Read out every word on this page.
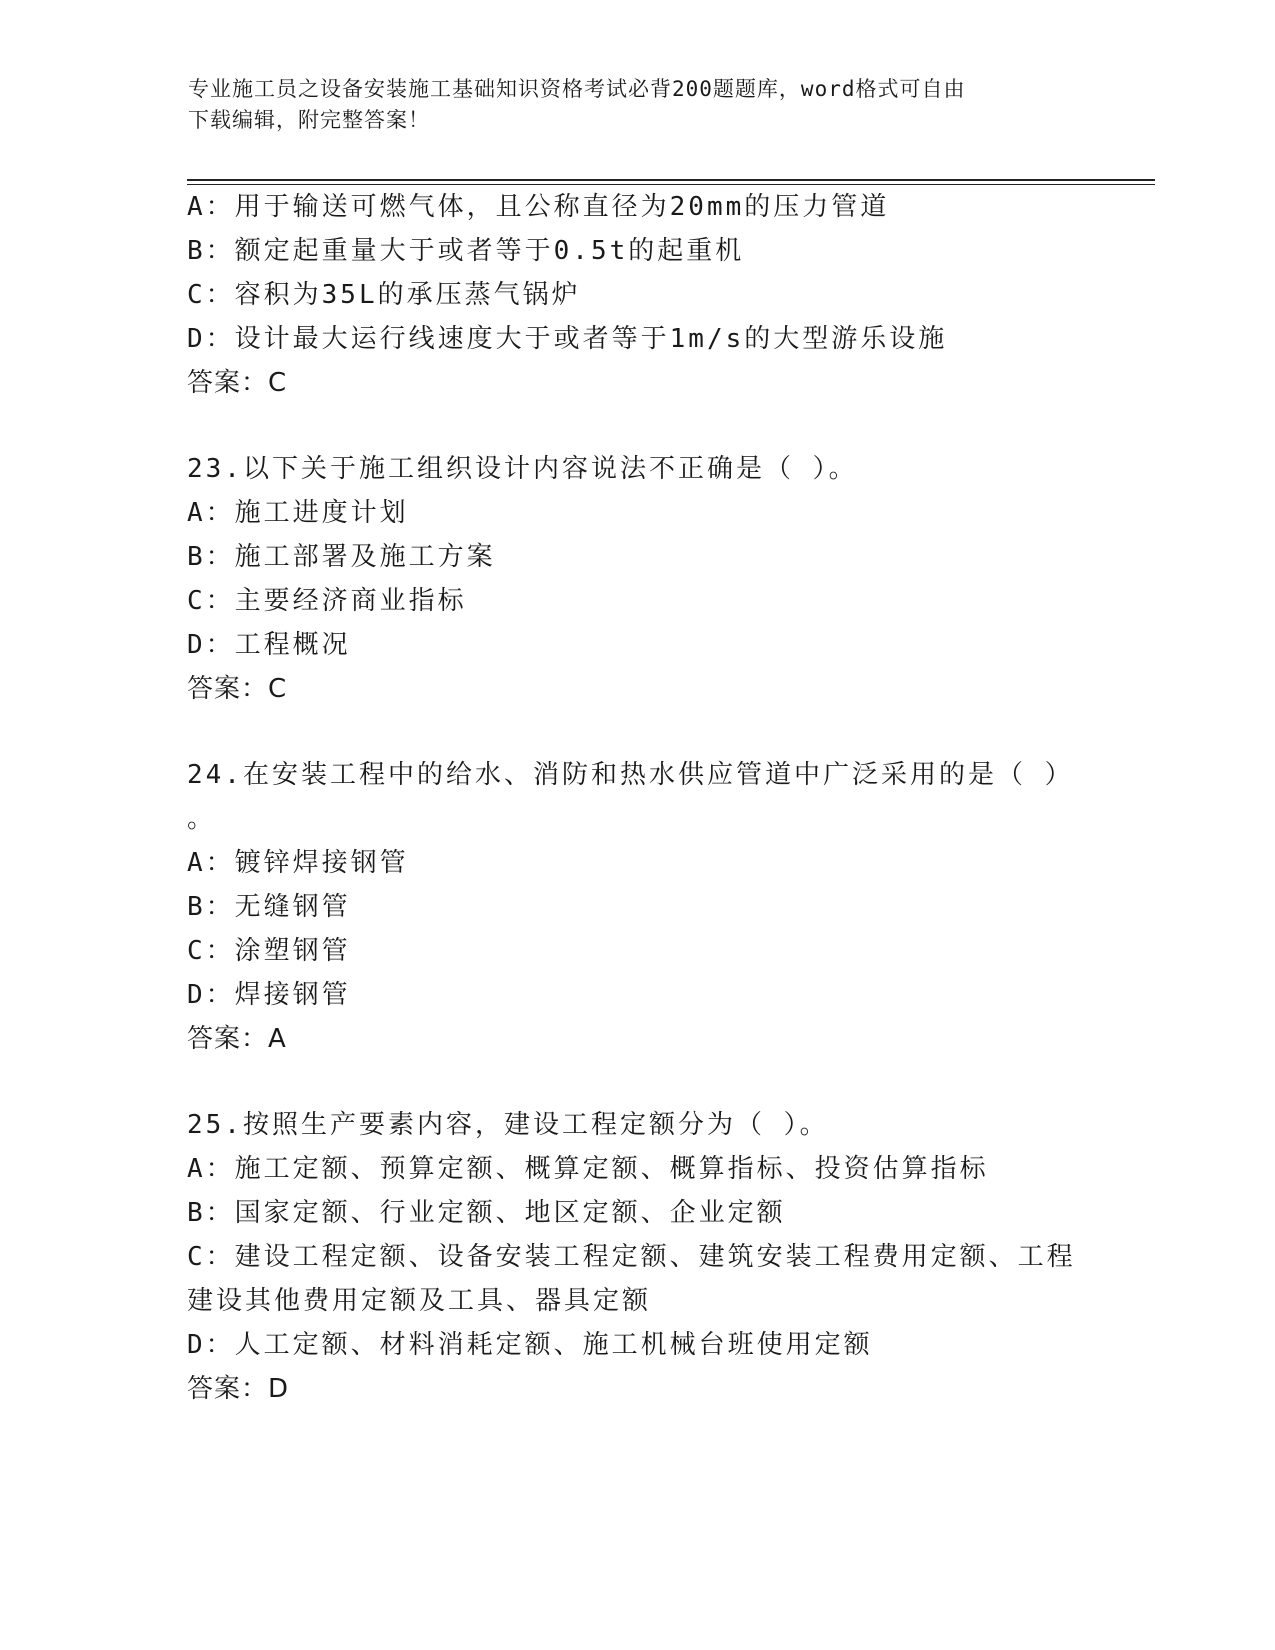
专业施工员之设备安装施工基础知识资格考试必背200题题库，word格式可自由
下载编辑，附完整答案！
A：用于输送可燃气体，且公称直径为20mm的压力管道
B：额定起重量大于或者等于0.5t的起重机
C：容积为35L的承压蒸气锅炉
D：设计最大运行线速度大于或者等于1m/s的大型游乐设施
答案：C
23.以下关于施工组织设计内容说法不正确是（ ）。
A：施工进度计划
B：施工部署及施工方案
C：主要经济商业指标
D：工程概况
答案：C
24.在安装工程中的给水、消防和热水供应管道中广泛采用的是（ ）
。
A：镀锌焊接钢管
B：无缝钢管
C：涂塑钢管
D：焊接钢管
答案：A
25.按照生产要素内容，建设工程定额分为（ ）。
A：施工定额、预算定额、概算定额、概算指标、投资估算指标
B：国家定额、行业定额、地区定额、企业定额
C：建设工程定额、设备安装工程定额、建筑安装工程费用定额、工程
建设其他费用定额及工具、器具定额
D：人工定额、材料消耗定额、施工机械台班使用定额
答案：D
